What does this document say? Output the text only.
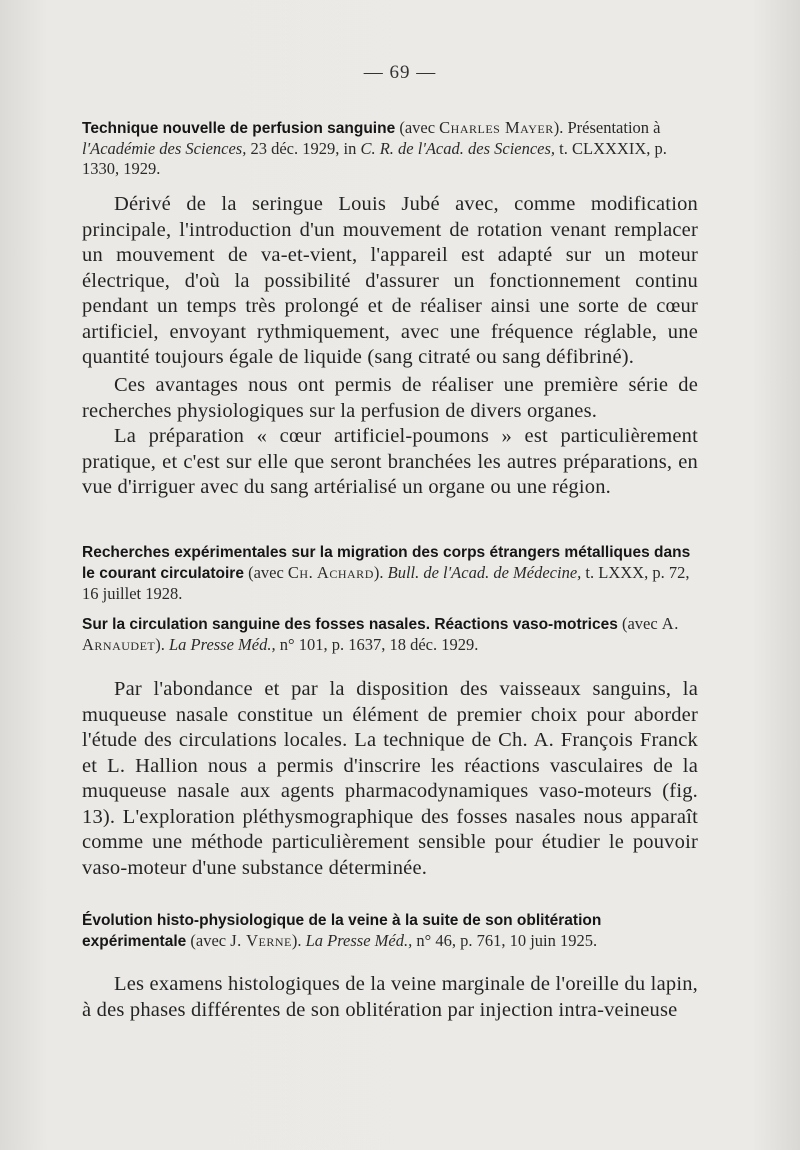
— 69 —
Technique nouvelle de perfusion sanguine (avec Charles Mayer). Présentation à l'Académie des Sciences, 23 déc. 1929, in C. R. de l'Acad. des Sciences, t. CLXXXIX, p. 1330, 1929.

Dérivé de la seringue Louis Jubé avec, comme modification principale, l'introduction d'un mouvement de rotation venant remplacer un mouvement de va-et-vient, l'appareil est adapté sur un moteur électrique, d'où la possibilité d'assurer un fonctionnement continu pendant un temps très prolongé et de réaliser ainsi une sorte de cœur artificiel, envoyant rythmiquement, avec une fréquence réglable, une quantité toujours égale de liquide (sang citraté ou sang défibriné).

Ces avantages nous ont permis de réaliser une première série de recherches physiologiques sur la perfusion de divers organes.

La préparation « cœur artificiel-poumons » est particulièrement pratique, et c'est sur elle que seront branchées les autres préparations, en vue d'irriguer avec du sang artérialisé un organe ou une région.

Recherches expérimentales sur la migration des corps étrangers métalliques dans le courant circulatoire (avec Ch. Achard). Bull. de l'Acad. de Médecine, t. LXXX, p. 72, 16 juillet 1928.
Sur la circulation sanguine des fosses nasales. Réactions vaso-motrices (avec A. Arnaudet). La Presse Méd., n° 101, p. 1637, 18 déc. 1929.

Par l'abondance et par la disposition des vaisseaux sanguins, la muqueuse nasale constitue un élément de premier choix pour aborder l'étude des circulations locales. La technique de Ch. A. François Franck et L. Hallion nous a permis d'inscrire les réactions vasculaires de la muqueuse nasale aux agents pharmacodynamiques vaso-moteurs (fig. 13). L'exploration pléthysmographique des fosses nasales nous apparaît comme une méthode particulièrement sensible pour étudier le pouvoir vaso-moteur d'une substance déterminée.

Évolution histo-physiologique de la veine à la suite de son oblitération expérimentale (avec J. Verne). La Presse Méd., n° 46, p. 761, 10 juin 1925.

Les examens histologiques de la veine marginale de l'oreille du lapin, à des phases différentes de son oblitération par injection intra-veineuse
